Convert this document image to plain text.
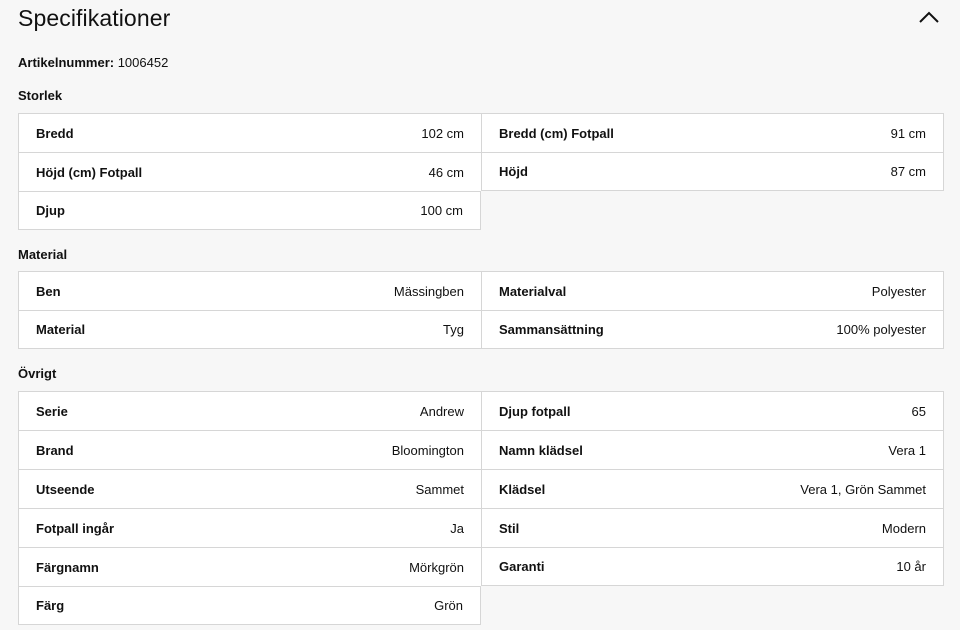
Specifikationer
Artikelnummer: 1006452
Storlek
Bredd	102 cm	Bredd (cm) Fotpall	91 cm
Höjd (cm) Fotpall	46 cm	Höjd	87 cm
Djup	100 cm
Material
Ben	Mässingben	Materialval	Polyester
Material	Tyg	Sammansättning	100% polyester
Övrigt
Serie	Andrew	Djup fotpall	65
Brand	Bloomington	Namn klädsel	Vera 1
Utseende	Sammet	Klädsel	Vera 1, Grön Sammet
Fotpall ingår	Ja	Stil	Modern
Färgnamn	Mörkgrön	Garanti	10 år
Färg	Grön
